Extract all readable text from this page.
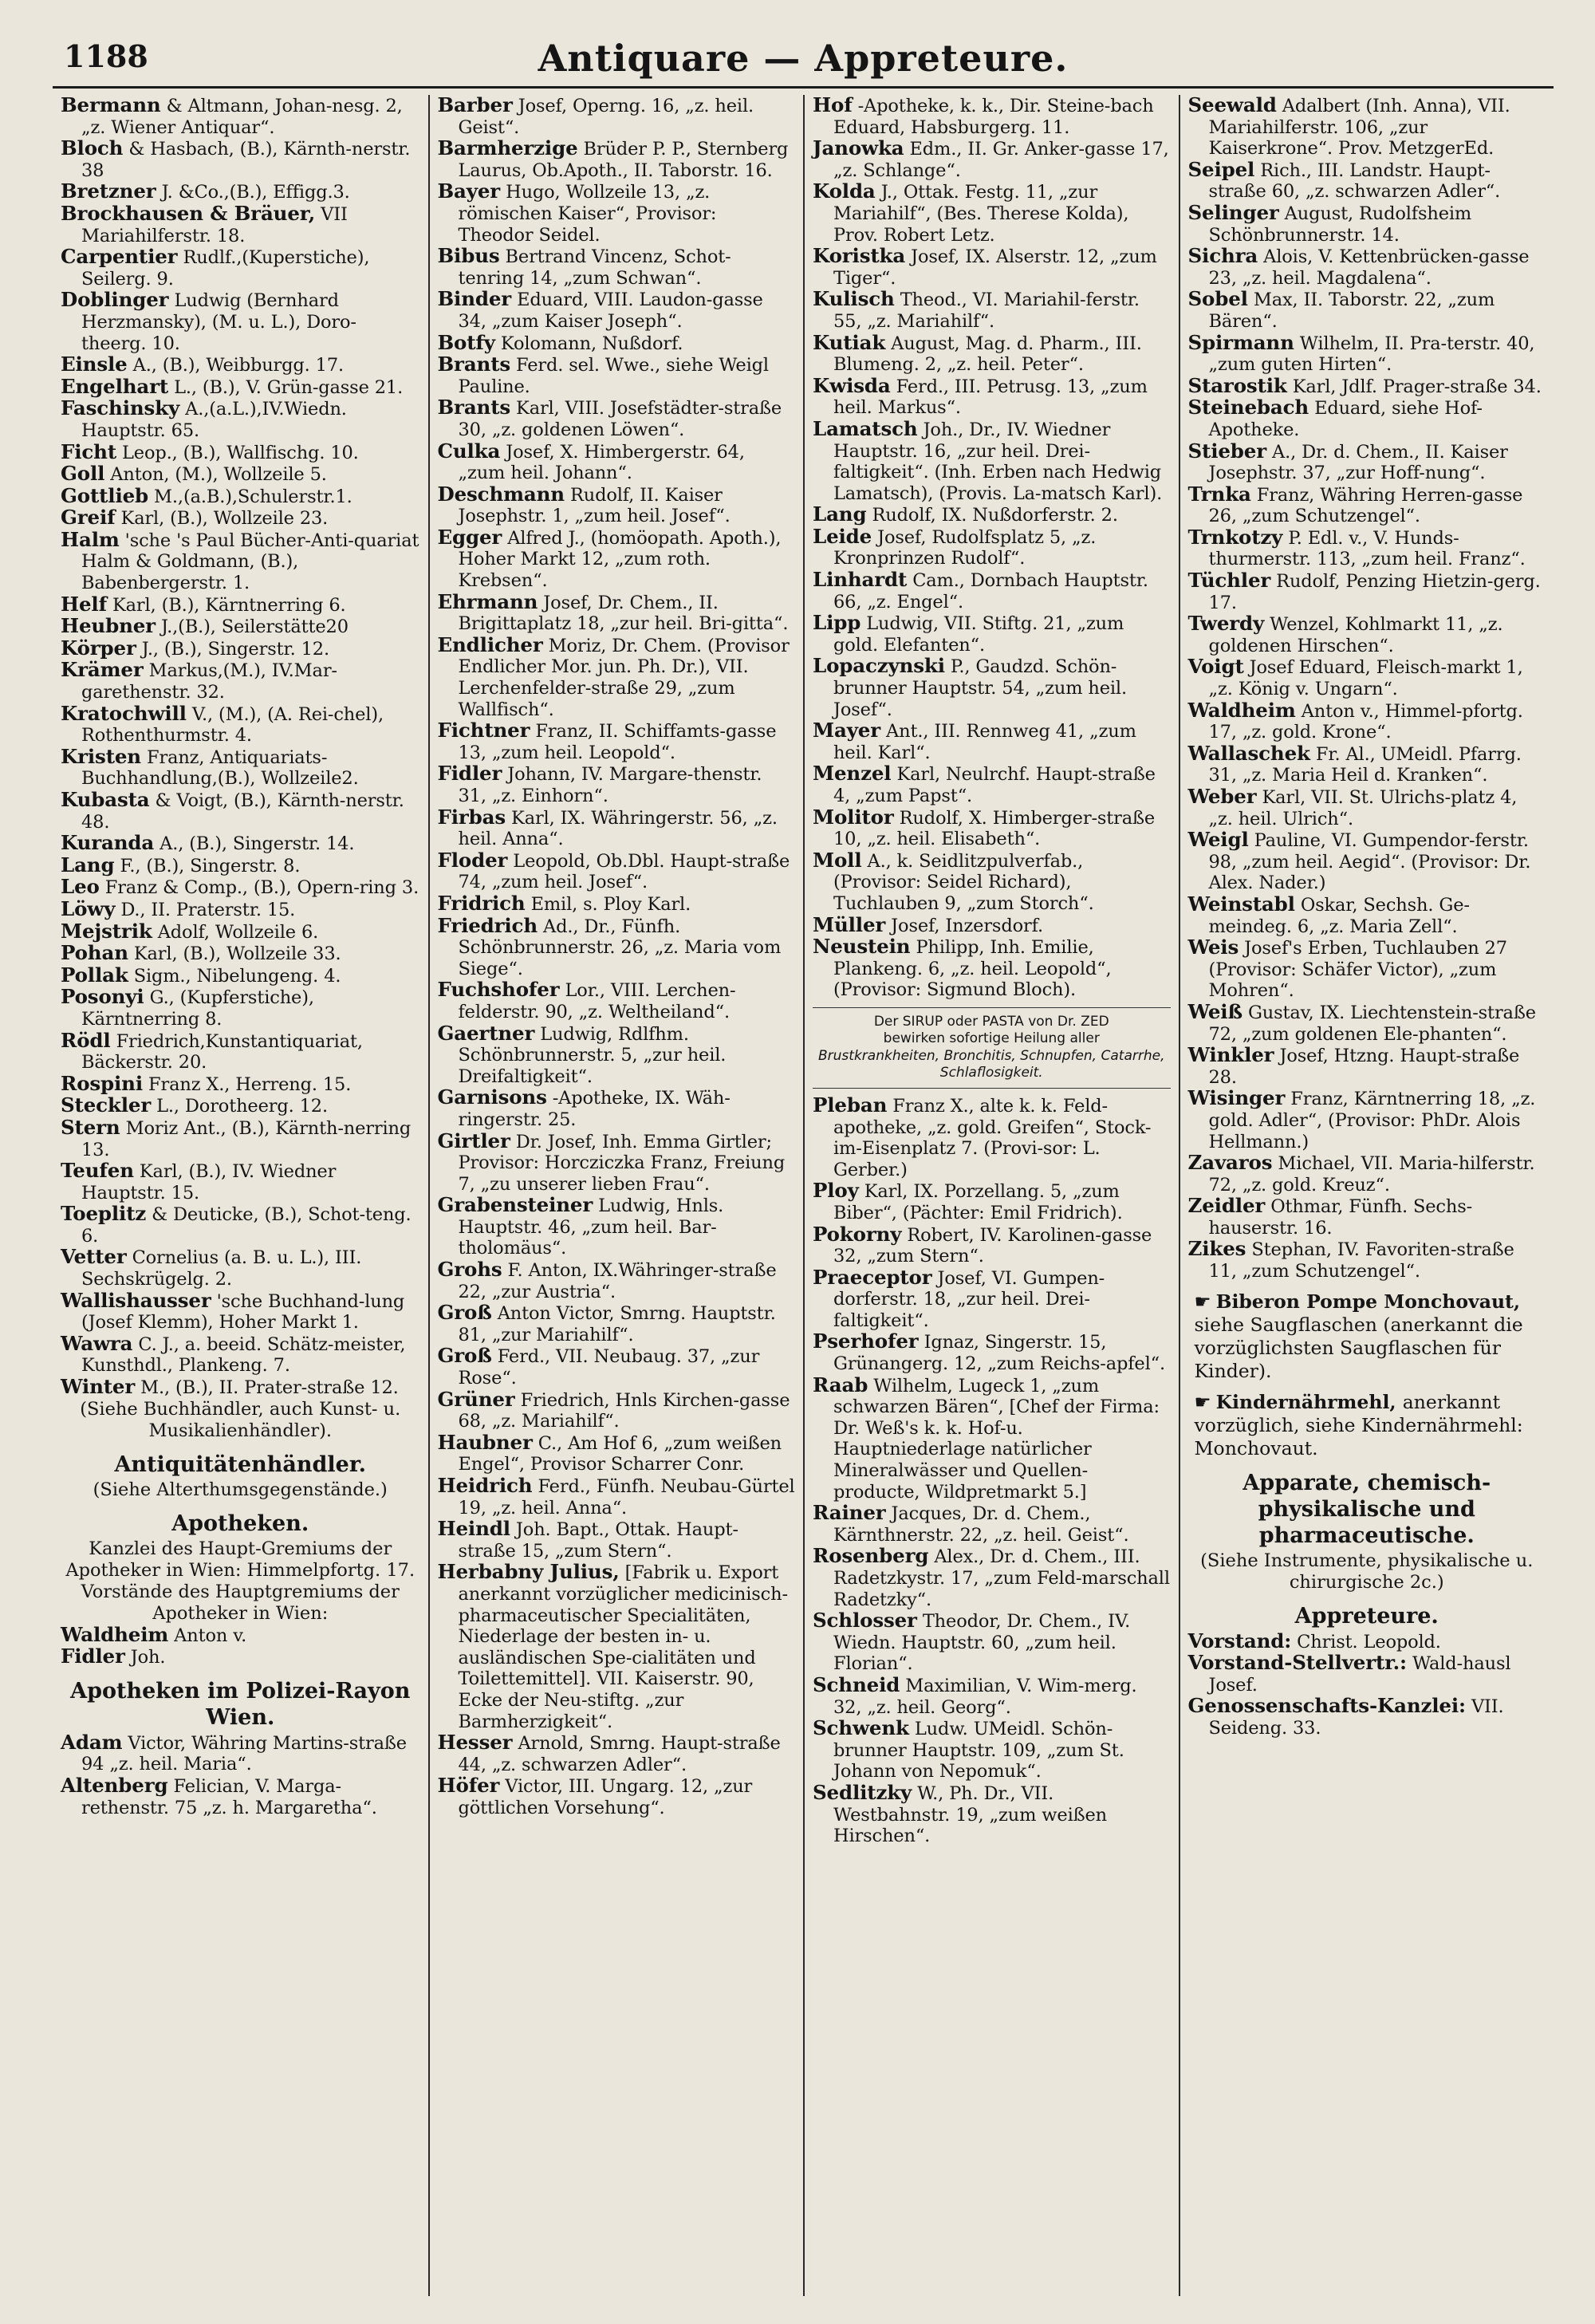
1188	Antiquare — Appreteure.
Bermann & Altmann, Johan-nesg. 2, „z. Wiener Antiquar“.
Bloch & Hasbach, (B.), Kärnth-nerstr. 38
Bretzner J. &Co.,(B.), Effigg.3.
Brockhausen & Bräuer, VII Mariahilferstr. 18.
Carpentier Rudlf.,(Kuperstiche), Seilerg. 9.
Doblinger Ludwig (Bernhard Herzmansky), (M. u. L.), Doro-theerg. 10.
Einsle A., (B.), Weibburgg. 17.
Engelhart L., (B.), V. Grün-gasse 21.
Faschinsky A.,(a.L.),IV.Wiedn. Hauptstr. 65.
Ficht Leop., (B.), Wallfischg. 10.
Goll Anton, (M.), Wollzeile 5.
Gottlieb M.,(a.B.),Schulerstr.1.
Greif Karl, (B.), Wollzeile 23.
Halm 'sche 's Paul Bücher-Anti-quariat Halm & Goldmann, (B.), Babenbergerstr. 1.
Helf Karl, (B.), Kärntnerring 6.
Heubner J.,(B.), Seilerstätte20
Körper J., (B.), Singerstr. 12.
Krämer Markus,(M.), IV.Mar-garethenstr. 32.
Kratochwill V., (M.), (A. Rei-chel), Rothenthurmstr. 4.
Kristen Franz, Antiquariats-Buchhandlung,(B.), Wollzeile2.
Kubasta & Voigt, (B.), Kärnth-nerstr. 48.
Kuranda A., (B.), Singerstr. 14.
Lang F., (B.), Singerstr. 8.
Leo Franz & Comp., (B.), Opern-ring 3.
Löwy D., II. Praterstr. 15.
Mejstrik Adolf, Wollzeile 6.
Pohan Karl, (B.), Wollzeile 33.
Pollak Sigm., Nibelungeng. 4.
Posonyi G., (Kupferstiche), Kärntnerring 8.
Rödl Friedrich,Kunstantiquariat, Bäckerstr. 20.
Rospini Franz X., Herreng. 15.
Steckler L., Dorotheerg. 12.
Stern Moriz Ant., (B.), Kärnth-nerring 13.
Teufen Karl, (B.), IV. Wiedner Hauptstr. 15.
Toeplitz & Deuticke, (B.), Schot-teng. 6.
Vetter Cornelius (a. B. u. L.), III. Sechskrügelg. 2.
Wallishausser 'sche Buchhand-lung (Josef Klemm), Hoher Markt 1.
Wawra C. J., a. beeid. Schätz-meister, Kunsthdl., Plankeng. 7.
Winter M., (B.), II. Prater-straße 12.
(Siehe Buchhändler, auch Kunst- u. Musikalienhändler).
Antiquitätenhändler.
(Siehe Alterthumsgegenstände.)
Apotheken.
Kanzlei des Haupt-Gremiums der Apotheker in Wien: Himmelpfortg. 17.
Vorstände des Hauptgremiums der Apotheker in Wien:
Waldheim Anton v.
Fidler Joh.
Apotheken im Polizei-Rayon Wien.
Adam Victor, Währing Martins-straße 94 „z. heil. Maria“.
Altenberg Felician, V. Marga-rethenstr. 75 „z. h. Margaretha“.
Barber Josef, Operng. 16, „z. heil. Geist“.
Barmherzige Brüder P. P., Sternberg Laurus, Ob.Apoth., II. Taborstr. 16.
Bayer Hugo, Wollzeile 13, „z. römischen Kaiser“, Provisor: Theodor Seidel.
Bibus Bertrand Vincenz, Schot-tenring 14, „zum Schwan“.
Binder Eduard, VIII. Laudon-gasse 34, „zum Kaiser Joseph“.
Botfy Kolomann, Nußdorf.
Brants Ferd. sel. Wwe., siehe Weigl Pauline.
Brants Karl, VIII. Josefstädter-straße 30, „z. goldenen Löwen“.
Culka Josef, X. Himbergerstr. 64, „zum heil. Johann“.
Deschmann Rudolf, II. Kaiser Josephstr. 1, „zum heil. Josef“.
Egger Alfred J., (homöopath. Apoth.), Hoher Markt 12, „zum roth. Krebsen“.
Ehrmann Josef, Dr. Chem., II. Brigittaplatz 18, „zur heil. Bri-gitta“.
Endlicher Moriz, Dr. Chem. (Provisor Endlicher Mor. jun. Ph. Dr.), VII. Lerchenfelder-straße 29, „zum Wallfisch“.
Fichtner Franz, II. Schiffamts-gasse 13, „zum heil. Leopold“.
Fidler Johann, IV. Margare-thenstr. 31, „z. Einhorn“.
Firbas Karl, IX. Währingerstr. 56, „z. heil. Anna“.
Floder Leopold, Ob.Dbl. Haupt-straße 74, „zum heil. Josef“.
Fridrich Emil, s. Ploy Karl.
Friedrich Ad., Dr., Fünfh. Schönbrunnerstr. 26, „z. Maria vom Siege“.
Fuchshofer Lor., VIII. Lerchen-felderstr. 90, „z. Weltheiland“.
Gaertner Ludwig, Rdlfhm. Schönbrunnerstr. 5, „zur heil. Dreifaltigkeit“.
Garnisons -Apotheke, IX. Wäh-ringerstr. 25.
Girtler Dr. Josef, Inh. Emma Girtler; Provisor: Horcziczka Franz, Freiung 7, „zu unserer lieben Frau“.
Grabensteiner Ludwig, Hnls. Hauptstr. 46, „zum heil. Bar-tholomäus“.
Grohs F. Anton, IX.Währinger-straße 22, „zur Austria“.
Groß Anton Victor, Smrng. Hauptstr. 81, „zur Mariahilf“.
Groß Ferd., VII. Neubaug. 37, „zur Rose“.
Grüner Friedrich, Hnls Kirchen-gasse 68, „z. Mariahilf“.
Haubner C., Am Hof 6, „zum weißen Engel“, Provisor Scharrer Conr.
Heidrich Ferd., Fünfh. Neubau-Gürtel 19, „z. heil. Anna“.
Heindl Joh. Bapt., Ottak. Haupt-straße 15, „zum Stern“.
Herbabny Julius, [Fabrik u. Export anerkannt vorzüglicher medicinisch-pharmaceutischer Specialitäten, Niederlage der besten in- u. ausländischen Spe-cialitäten und Toilettemittel]. VII. Kaiserstr. 90, Ecke der Neu-stiftg. „zur Barmherzigkeit“.
Hesser Arnold, Smrng. Haupt-straße 44, „z. schwarzen Adler“.
Höfer Victor, III. Ungarg. 12, „zur göttlichen Vorsehung“.
Hof -Apotheke, k. k., Dir. Steine-bach Eduard, Habsburgerg. 11.
Janowka Edm., II. Gr. Anker-gasse 17, „z. Schlange“.
Kolda J., Ottak. Festg. 11, „zur Mariahilf“, (Bes. Therese Kolda), Prov. Robert Letz.
Koristka Josef, IX. Alserstr. 12, „zum Tiger“.
Kulisch Theod., VI. Mariahil-ferstr. 55, „z. Mariahilf“.
Kutiak August, Mag. d. Pharm., III. Blumeng. 2, „z. heil. Peter“.
Kwisda Ferd., III. Petrusg. 13, „zum heil. Markus“.
Lamatsch Joh., Dr., IV. Wiedner Hauptstr. 16, „zur heil. Drei-faltigkeit“. (Inh. Erben nach Hedwig Lamatsch), (Provis. La-matsch Karl).
Lang Rudolf, IX. Nußdorferstr. 2.
Leide Josef, Rudolfsplatz 5, „z. Kronprinzen Rudolf“.
Linhardt Cam., Dornbach Hauptstr. 66, „z. Engel“.
Lipp Ludwig, VII. Stiftg. 21, „zum gold. Elefanten“.
Lopaczynski P., Gaudzd. Schön-brunner Hauptstr. 54, „zum heil. Josef“.
Mayer Ant., III. Rennweg 41, „zum heil. Karl“.
Menzel Karl, Neulrchf. Haupt-straße 4, „zum Papst“.
Molitor Rudolf, X. Himberger-straße 10, „z. heil. Elisabeth“.
Moll A., k. Seidlitzpulverfab., (Provisor: Seidel Richard), Tuchlauben 9, „zum Storch“.
Müller Josef, Inzersdorf.
Neustein Philipp, Inh. Emilie, Plankeng. 6, „z. heil. Leopold“, (Provisor: Sigmund Bloch).
Der SIRUP oder PASTA von Dr. ZED
bewirken sofortige Heilung aller
Brustkrankheiten, Bronchitis, Schnupfen, Catarrhe, Schlaflosigkeit.
Pleban Franz X., alte k. k. Feld-apotheke, „z. gold. Greifen“, Stock-im-Eisenplatz 7. (Provi-sor: L. Gerber.)
Ploy Karl, IX. Porzellang. 5, „zum Biber“, (Pächter: Emil Fridrich).
Pokorny Robert, IV. Karolinen-gasse 32, „zum Stern“.
Praeceptor Josef, VI. Gumpen-dorferstr. 18, „zur heil. Drei-faltigkeit“.
Pserhofer Ignaz, Singerstr. 15, Grünangerg. 12, „zum Reichs-apfel“.
Raab Wilhelm, Lugeck 1, „zum schwarzen Bären“, [Chef der Firma: Dr. Weß's k. k. Hof-u. Hauptniederlage natürlicher Mineralwässer und Quellen-producte, Wildpretmarkt 5.]
Rainer Jacques, Dr. d. Chem., Kärnthnerstr. 22, „z. heil. Geist“.
Rosenberg Alex., Dr. d. Chem., III. Radetzkystr. 17, „zum Feld-marschall Radetzky“.
Schlosser Theodor, Dr. Chem., IV. Wiedn. Hauptstr. 60, „zum heil. Florian“.
Schneid Maximilian, V. Wim-merg. 32, „z. heil. Georg“.
Schwenk Ludw. UMeidl. Schön-brunner Hauptstr. 109, „zum St. Johann von Nepomuk“.
Sedlitzky W., Ph. Dr., VII. Westbahnstr. 19, „zum weißen Hirschen“.
Seewald Adalbert (Inh. Anna), VII. Mariahilferstr. 106, „zur Kaiserkrone“. Prov. MetzgerEd.
Seipel Rich., III. Landstr. Haupt-straße 60, „z. schwarzen Adler“.
Selinger August, Rudolfsheim Schönbrunnerstr. 14.
Sichra Alois, V. Kettenbrücken-gasse 23, „z. heil. Magdalena“.
Sobel Max, II. Taborstr. 22, „zum Bären“.
Spirmann Wilhelm, II. Pra-terstr. 40, „zum guten Hirten“.
Starostik Karl, Jdlf. Prager-straße 34.
Steinebach Eduard, siehe Hof-Apotheke.
Stieber A., Dr. d. Chem., II. Kaiser Josephstr. 37, „zur Hoff-nung“.
Trnka Franz, Währing Herren-gasse 26, „zum Schutzengel“.
Trnkotzy P. Edl. v., V. Hunds-thurmerstr. 113, „zum heil. Franz“.
Tüchler Rudolf, Penzing Hietzin-gerg. 17.
Twerdy Wenzel, Kohlmarkt 11, „z. goldenen Hirschen“.
Voigt Josef Eduard, Fleisch-markt 1, „z. König v. Ungarn“.
Waldheim Anton v., Himmel-pfortg. 17, „z. gold. Krone“.
Wallaschek Fr. Al., UMeidl. Pfarrg. 31, „z. Maria Heil d. Kranken“.
Weber Karl, VII. St. Ulrichs-platz 4, „z. heil. Ulrich“.
Weigl Pauline, VI. Gumpendor-ferstr. 98, „zum heil. Aegid“. (Provisor: Dr. Alex. Nader.)
Weinstabl Oskar, Sechsh. Ge-meindeg. 6, „z. Maria Zell“.
Weis Josef's Erben, Tuchlauben 27 (Provisor: Schäfer Victor), „zum Mohren“.
Weiß Gustav, IX. Liechtenstein-straße 72, „zum goldenen Ele-phanten“.
Winkler Josef, Htzng. Haupt-straße 28.
Wisinger Franz, Kärntnerring 18, „z. gold. Adler“, (Provisor: PhDr. Alois Hellmann.)
Zavaros Michael, VII. Maria-hilferstr. 72, „z. gold. Kreuz“.
Zeidler Othmar, Fünfh. Sechs-hauserstr. 16.
Zikes Stephan, IV. Favoriten-straße 11, „zum Schutzengel“.
☛ Biberon Pompe Monchovaut, siehe Saugflaschen (anerkannt die vorzüglichsten Saugflaschen für Kinder).
☛ Kindernährmehl, anerkannt vorzüglich, siehe Kindernährmehl: Monchovaut.
Apparate, chemisch-physikalische und pharmaceutische.
(Siehe Instrumente, physikalische u. chirurgische 2c.)
Appreteure.
Vorstand: Christ. Leopold.
Vorstand-Stellvertr.: Wald-hausl Josef.
Genossenschafts-Kanzlei: VII. Seideng. 33.
